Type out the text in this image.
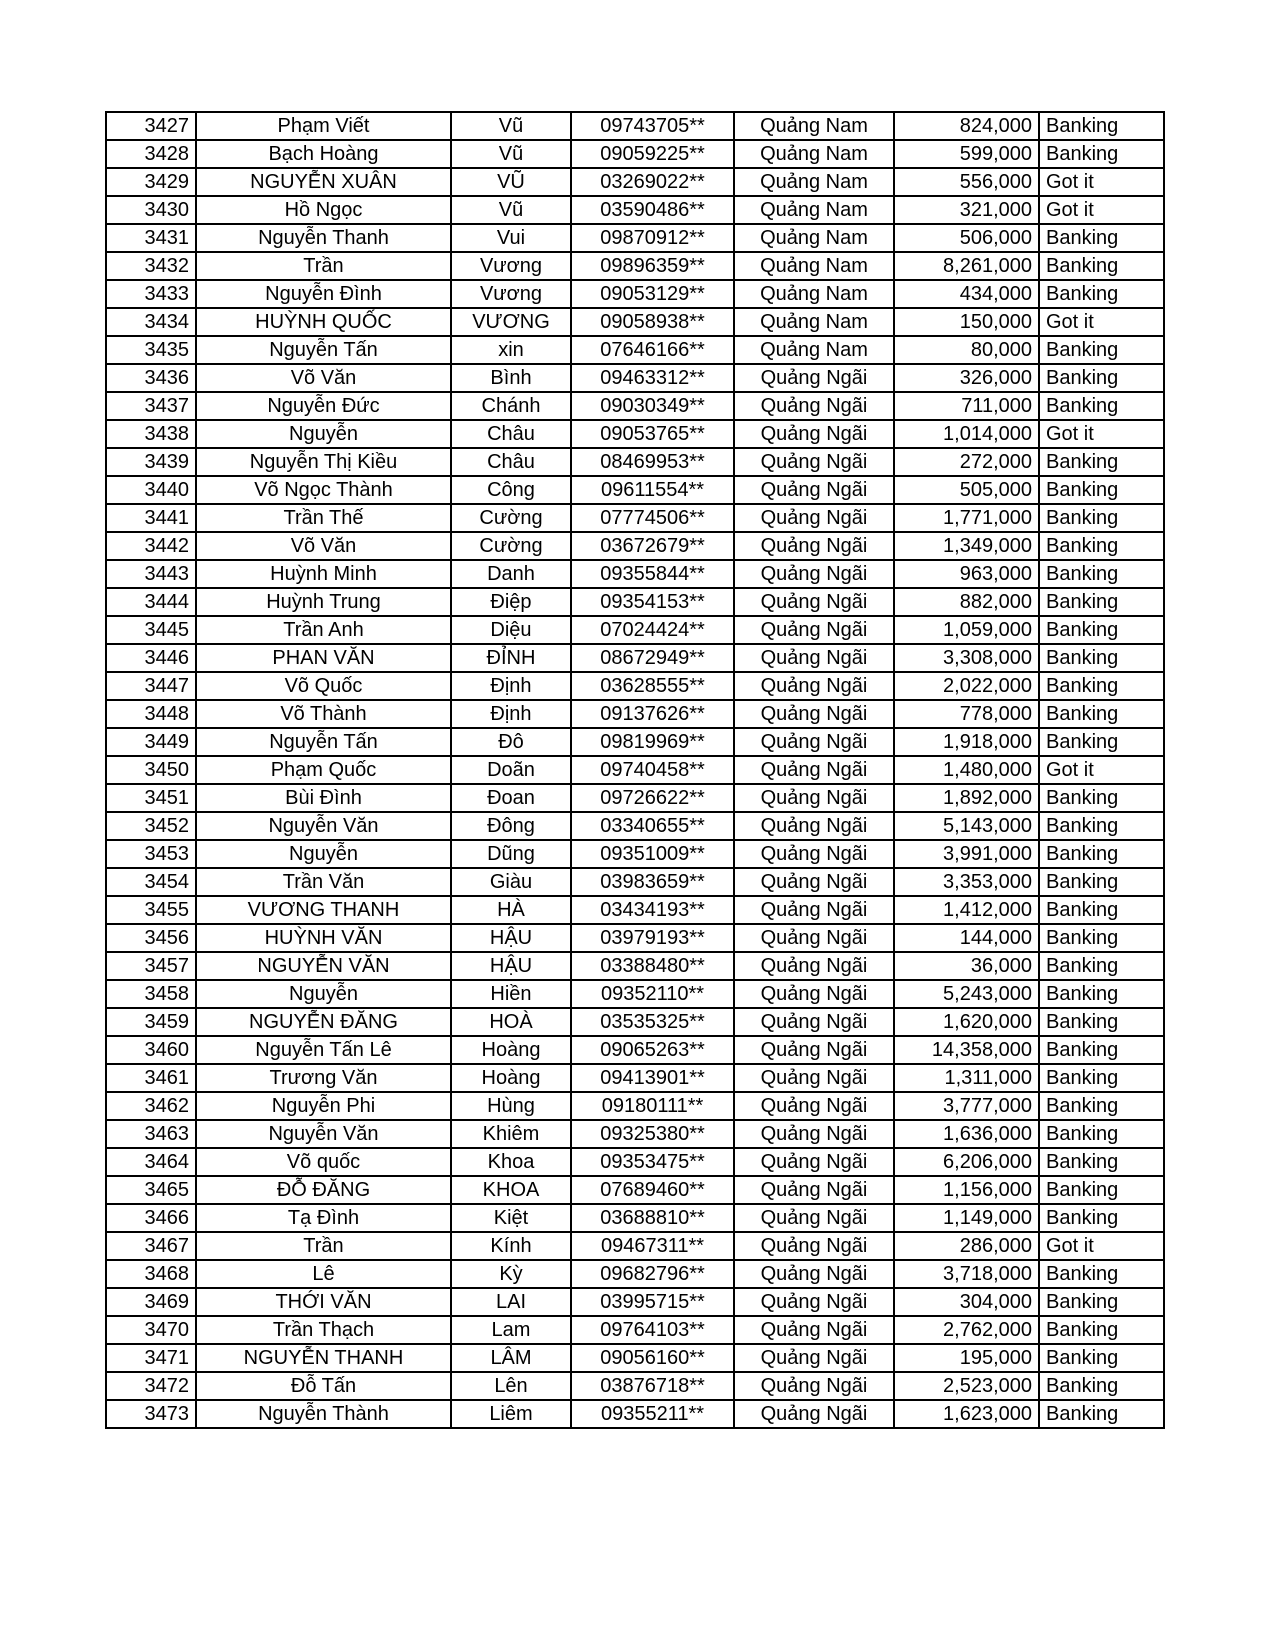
3427	Phạm Viết	Vũ	09743705**	Quảng Nam	824,000	Banking
3428	Bạch Hoàng	Vũ	09059225**	Quảng Nam	599,000	Banking
3429	NGUYỄN XUÂN	VŨ	03269022**	Quảng Nam	556,000	Got it
3430	Hồ Ngọc	Vũ	03590486**	Quảng Nam	321,000	Got it
3431	Nguyễn Thanh	Vui	09870912**	Quảng Nam	506,000	Banking
3432	Trần	Vương	09896359**	Quảng Nam	8,261,000	Banking
3433	Nguyễn Đình	Vương	09053129**	Quảng Nam	434,000	Banking
3434	HUỲNH QUỐC	VƯƠNG	09058938**	Quảng Nam	150,000	Got it
3435	Nguyễn Tấn	xin	07646166**	Quảng Nam	80,000	Banking
3436	Võ Văn	Bình	09463312**	Quảng Ngãi	326,000	Banking
3437	Nguyễn Đức	Chánh	09030349**	Quảng Ngãi	711,000	Banking
3438	Nguyễn	Châu	09053765**	Quảng Ngãi	1,014,000	Got it
3439	Nguyễn Thị Kiều	Châu	08469953**	Quảng Ngãi	272,000	Banking
3440	Võ Ngọc Thành	Công	09611554**	Quảng Ngãi	505,000	Banking
3441	Trần Thế	Cường	07774506**	Quảng Ngãi	1,771,000	Banking
3442	Võ Văn	Cường	03672679**	Quảng Ngãi	1,349,000	Banking
3443	Huỳnh Minh	Danh	09355844**	Quảng Ngãi	963,000	Banking
3444	Huỳnh Trung	Điệp	09354153**	Quảng Ngãi	882,000	Banking
3445	Trần Anh	Diệu	07024424**	Quảng Ngãi	1,059,000	Banking
3446	PHAN VĂN	ĐỈNH	08672949**	Quảng Ngãi	3,308,000	Banking
3447	Võ Quốc	Định	03628555**	Quảng Ngãi	2,022,000	Banking
3448	Võ Thành	Định	09137626**	Quảng Ngãi	778,000	Banking
3449	Nguyễn Tấn	Đô	09819969**	Quảng Ngãi	1,918,000	Banking
3450	Phạm Quốc	Doãn	09740458**	Quảng Ngãi	1,480,000	Got it
3451	Bùi Đình	Đoan	09726622**	Quảng Ngãi	1,892,000	Banking
3452	Nguyễn Văn	Đông	03340655**	Quảng Ngãi	5,143,000	Banking
3453	Nguyễn	Dũng	09351009**	Quảng Ngãi	3,991,000	Banking
3454	Trần Văn	Giàu	03983659**	Quảng Ngãi	3,353,000	Banking
3455	VƯƠNG THANH	HÀ	03434193**	Quảng Ngãi	1,412,000	Banking
3456	HUỲNH VĂN	HẬU	03979193**	Quảng Ngãi	144,000	Banking
3457	NGUYỄN VĂN	HẬU	03388480**	Quảng Ngãi	36,000	Banking
3458	Nguyễn	Hiền	09352110**	Quảng Ngãi	5,243,000	Banking
3459	NGUYỄN ĐĂNG	HOÀ	03535325**	Quảng Ngãi	1,620,000	Banking
3460	Nguyễn Tấn Lê	Hoàng	09065263**	Quảng Ngãi	14,358,000	Banking
3461	Trương Văn	Hoàng	09413901**	Quảng Ngãi	1,311,000	Banking
3462	Nguyễn Phi	Hùng	09180111**	Quảng Ngãi	3,777,000	Banking
3463	Nguyễn Văn	Khiêm	09325380**	Quảng Ngãi	1,636,000	Banking
3464	Võ quốc	Khoa	09353475**	Quảng Ngãi	6,206,000	Banking
3465	ĐỖ ĐĂNG	KHOA	07689460**	Quảng Ngãi	1,156,000	Banking
3466	Tạ Đình	Kiệt	03688810**	Quảng Ngãi	1,149,000	Banking
3467	Trần	Kính	09467311**	Quảng Ngãi	286,000	Got it
3468	Lê	Kỳ	09682796**	Quảng Ngãi	3,718,000	Banking
3469	THỚI VĂN	LAI	03995715**	Quảng Ngãi	304,000	Banking
3470	Trần Thạch	Lam	09764103**	Quảng Ngãi	2,762,000	Banking
3471	NGUYỄN THANH	LÂM	09056160**	Quảng Ngãi	195,000	Banking
3472	Đỗ Tấn	Lên	03876718**	Quảng Ngãi	2,523,000	Banking
3473	Nguyễn Thành	Liêm	09355211**	Quảng Ngãi	1,623,000	Banking
